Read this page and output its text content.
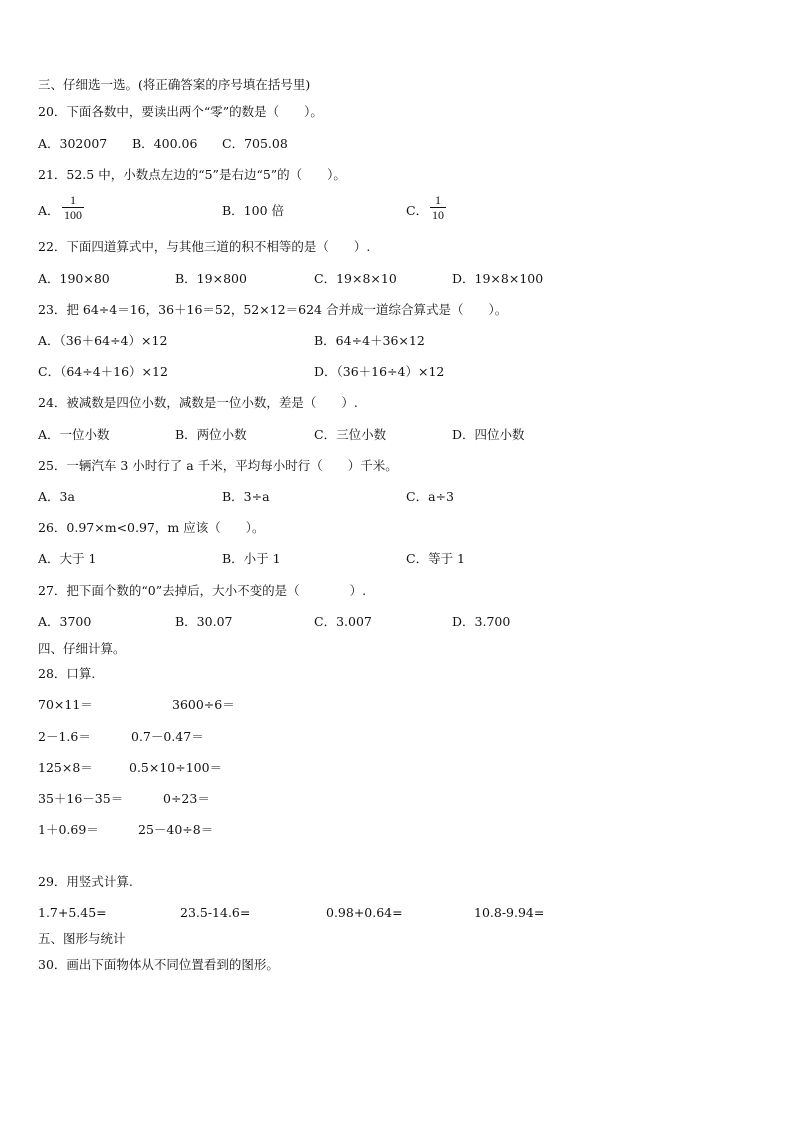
三、仔细选一选。(将正确答案的序号填在括号里)
20．下面各数中，要读出两个“零”的数是（　　）。
A．302007 B．400.06 C．705.08
21．52.5 中，小数点左边的“5”是右边“5”的（　　）。
A．
1
100	B．100 倍	C．
1
10
22．下面四道算式中，与其他三道的积不相等的是（　　）.
A．190×80	B．19×800	C．19×8×10	D．19×8×100
23．把 64÷4＝16，36＋16＝52，52×12＝624 合并成一道综合算式是（　　）。
A．（36＋64÷4）×12	B．64÷4＋36×12
C．（64÷4＋16）×12	D．（36＋16÷4）×12
24．被减数是四位小数，减数是一位小数，差是（　　）.
A．一位小数	B．两位小数	C．三位小数	D．四位小数
25．一辆汽车 3 小时行了 a 千米，平均每小时行（　　）千米。
A．3a	B．3÷a	C．a÷3
26．0.97×m<0.97，m 应该（　　）。
A．大于 1	B．小于 1	C．等于 1
27．把下面个数的“0”去掉后，大小不变的是（　　　　）.
A．3700	B．30.07	C．3.007	D．3.700
四、仔细计算。
28．口算.
70×11＝	3600÷6＝
2－1.6＝	0.7－0.47＝
125×8＝	0.5×10÷100＝
35＋16－35＝	0÷23＝
1＋0.69＝	25－40÷8＝
29．用竖式计算.
1.7+5.45=	23.5-14.6=	0.98+0.64=	10.8-9.94=
五、图形与统计
30．画出下面物体从不同位置看到的图形。
